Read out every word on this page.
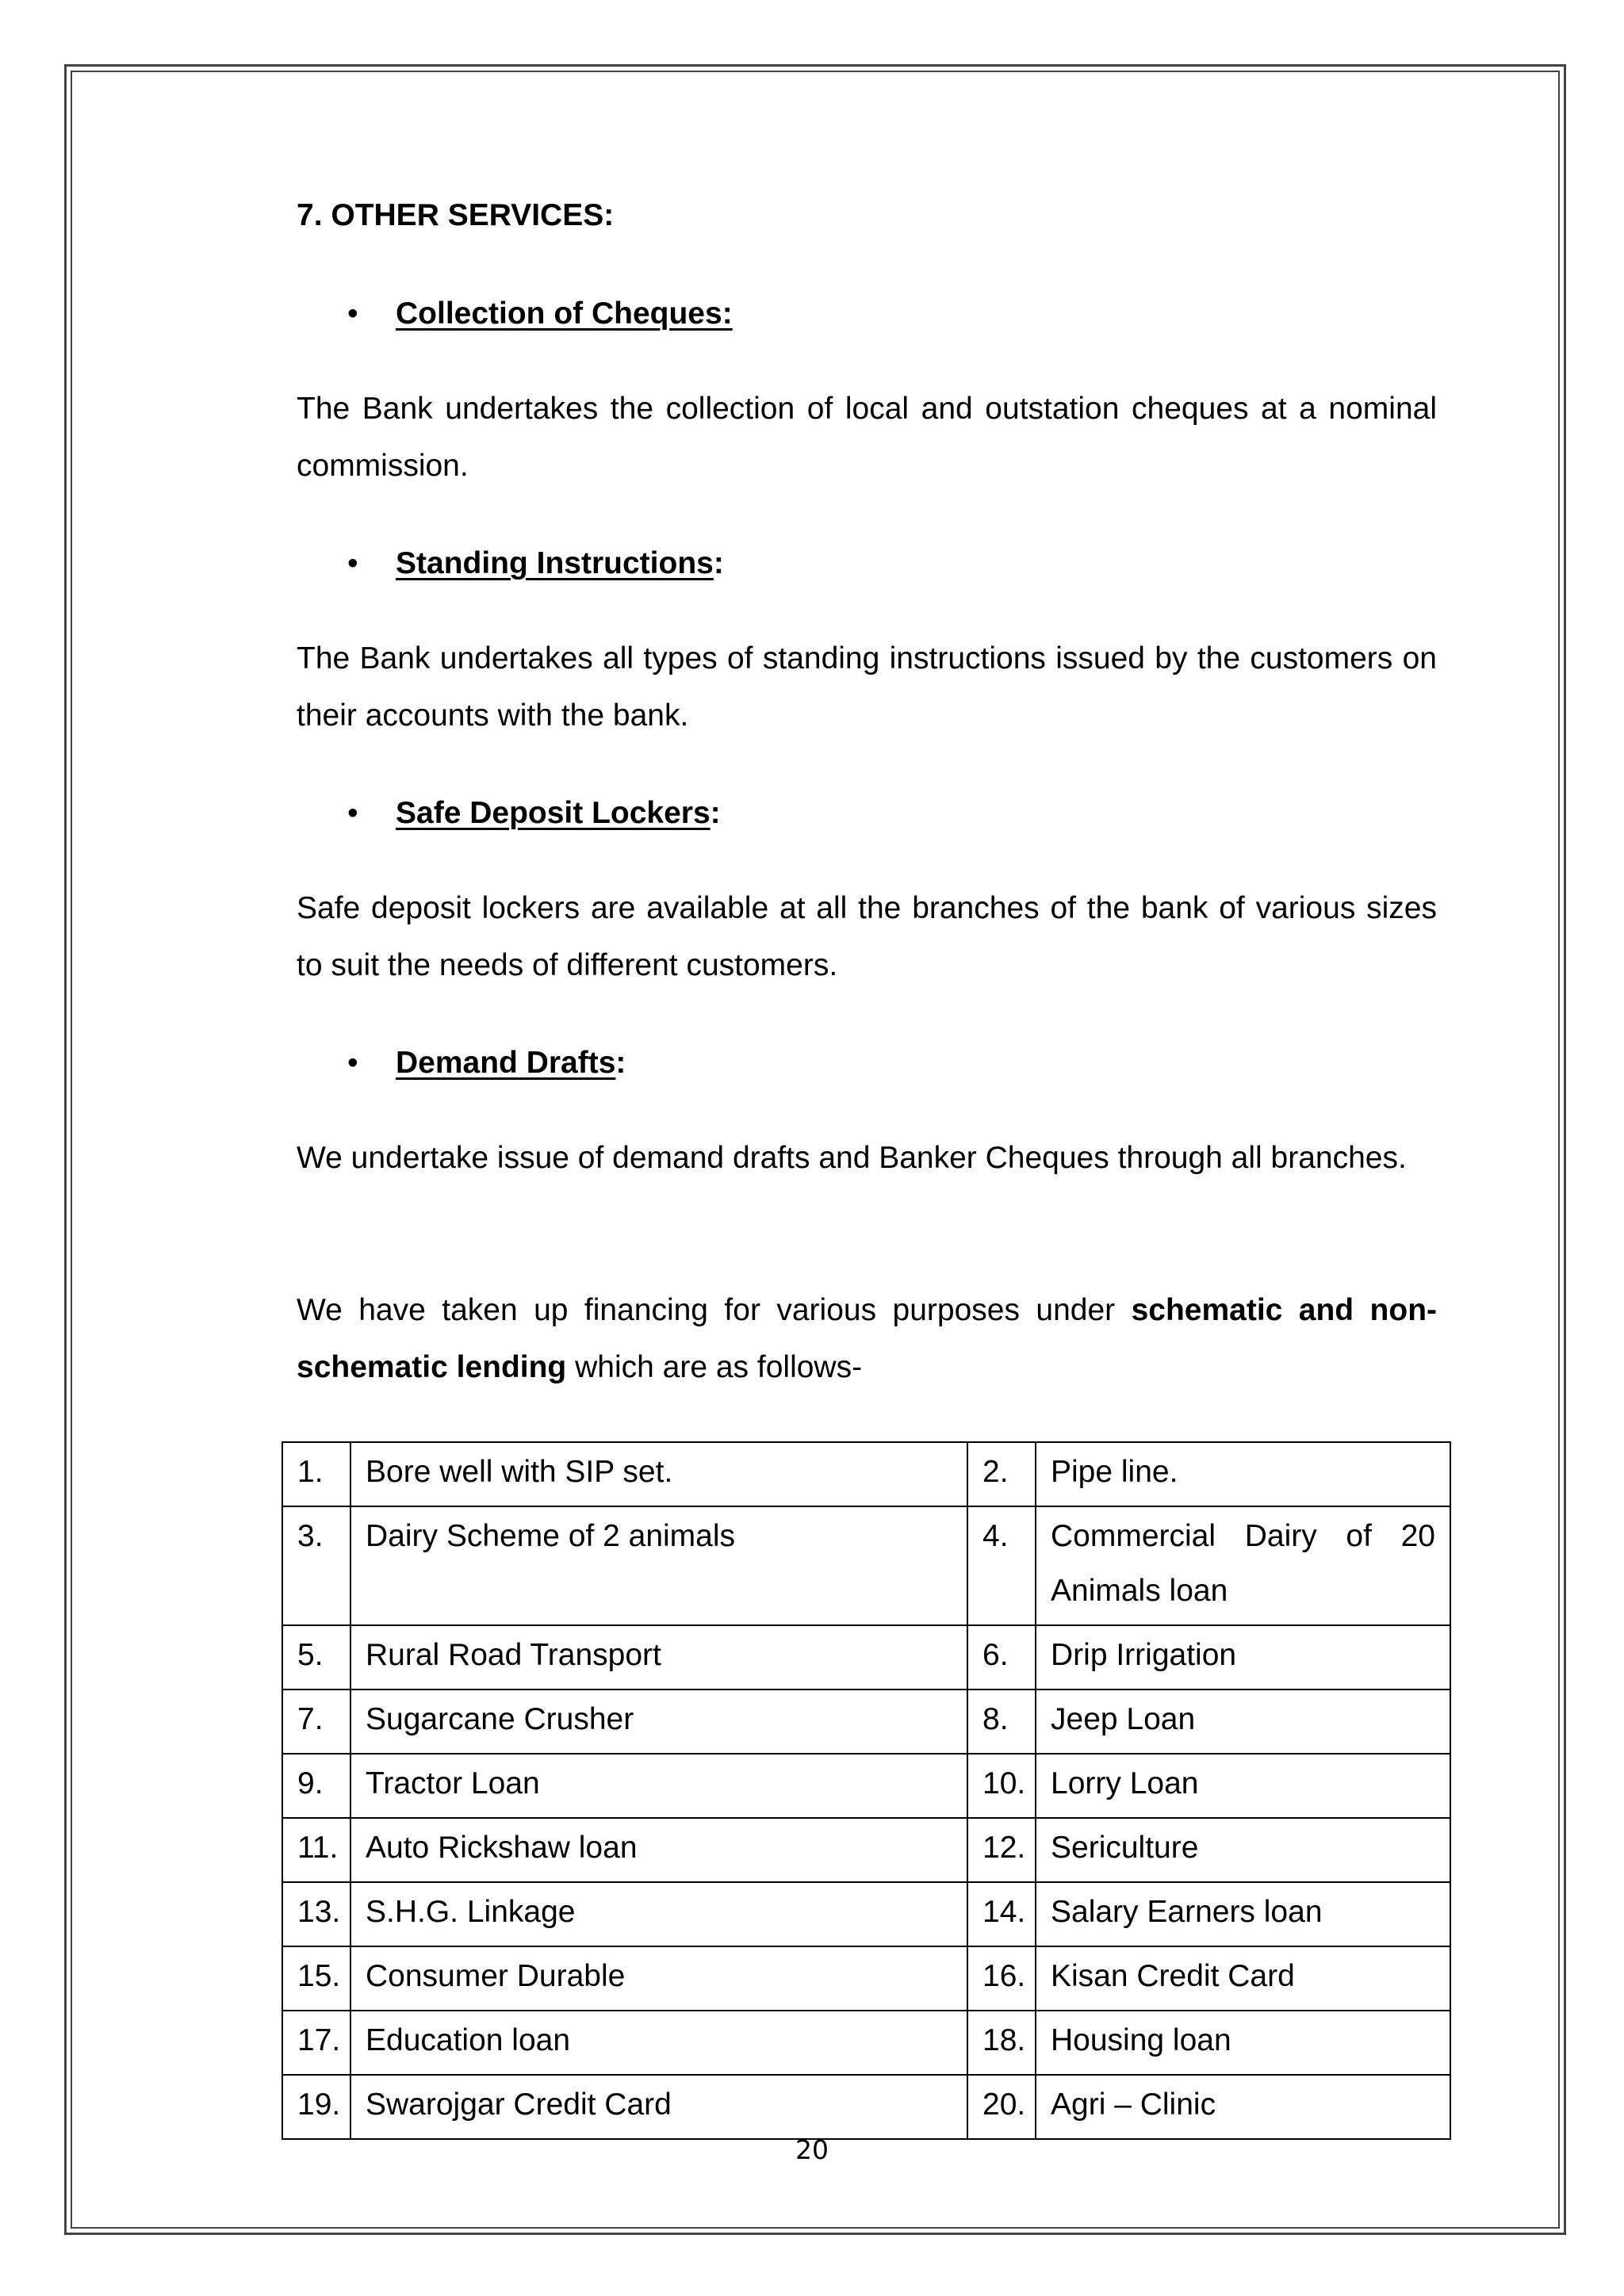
7. OTHER SERVICES:
• Collection of Cheques:
The Bank undertakes the collection of local and outstation cheques at a nominal commission.
• Standing Instructions:
The Bank undertakes all types of standing instructions issued by the customers on their accounts with the bank.
• Safe Deposit Lockers:
Safe deposit lockers are available at all the branches of the bank of various sizes to suit the needs of different customers.
• Demand Drafts:
We undertake issue of demand drafts and Banker Cheques through all branches.
We have taken up financing for various purposes under schematic and non-schematic lending which are as follows-
1.	Bore well with SIP set.	2.	Pipe line.
3.	Dairy Scheme of 2 animals	4.	Commercial Dairy of 20 Animals loan
5.	Rural Road Transport	6.	Drip Irrigation
7.	Sugarcane Crusher	8.	Jeep Loan
9.	Tractor Loan	10.	Lorry Loan
11.	Auto Rickshaw loan	12.	Sericulture
13.	S.H.G. Linkage	14.	Salary Earners loan
15.	Consumer Durable	16.	Kisan Credit Card
17.	Education loan	18.	Housing loan
19.	Swarojgar Credit Card	20.	Agri – Clinic
20
